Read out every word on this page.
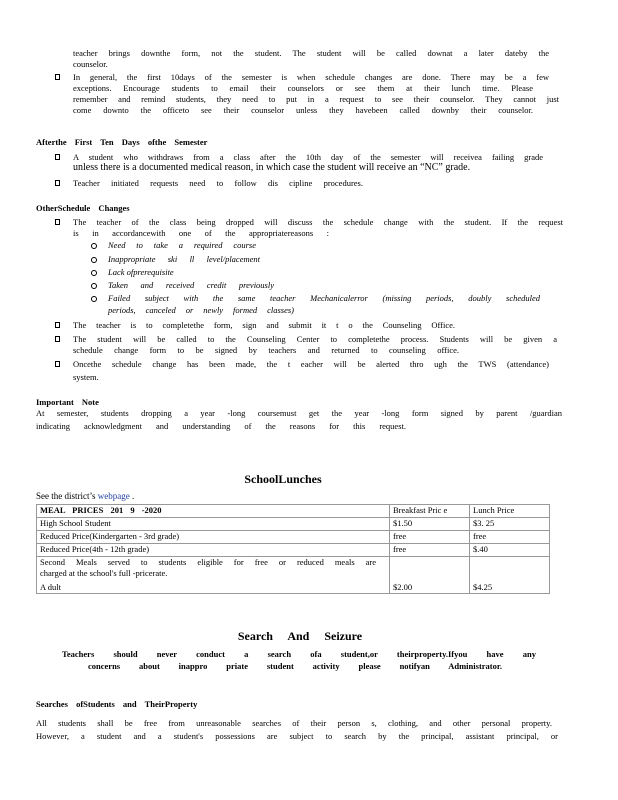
teacher brings downthe form, not the student. The student will be called downat a later dateby the
counselor.
In general, the first 10days of the semester is when schedule changes are done. There may be a few
exceptions. Encourage students to email their counselors or see them at their lunch time. Please
remember and remind students, they need to put in a request to see their counselor. They cannot just
come downto the officeto see their counselor unless they havebeen called downby their counselor.
Afterthe First Ten Days ofthe Semester
A student who withdraws from a class after the 10th day of the semester will receivea failing grade
unless there is a documented medical reason, in which case the student will receive an “NC” grade.
Teacher initiated requests need to follow dis cipline procedures.
OtherSchedule Changes
The teacher of the class being dropped will discuss the schedule change with the student. If the request
is in accordancewith one of the appropriatereasons :
Need to take a required course
Inappropriate ski ll level/placement
Lack ofprerequisite
Taken and received credit previously
Failed subject with the same teacher Mechanicalerror (missing periods, doubly scheduled
periods, canceled or newly formed classes)
The teacher is to completethe form, sign and submit it t o the Counseling Office.
The student will be called to the Counseling Center to completethe process. Students will be given a
schedule change form to be signed by teachers and returned to counseling office.
Oncethe schedule change has been made, the t eacher will be alerted thro ugh the TWS (attendance)
system.
Important Note
At semester, students dropping a year -long coursemust get the year -long form signed by parent /guardian
indicating acknowledgment and understanding of the reasons for this request.
SchoolLunches
See the district’s webpage .
MEAL PRICES 201 9 -2020	Breakfast Pric e	Lunch Price
High School Student	$1.50	$3. 25
Reduced Price(Kindergarten - 3rd grade)	free	free
Reduced Price(4th - 12th grade)	free	$.40

Second Meals served to students eligible for free or reduced meals are
charged at the school's full -pricerate.
A dult	$2.00	$4.25
Search And Seizure
Teachers should never conduct a search ofa student,or theirproperty.Ifyou have any
concerns about inappro priate student activity please notifyan Administrator.
Searches ofStudents and TheirProperty
All students shall be free from unreasonable searches of their person s, clothing, and other personal property.
However, a student and a student's possessions are subject to search by the principal, assistant principal, or
